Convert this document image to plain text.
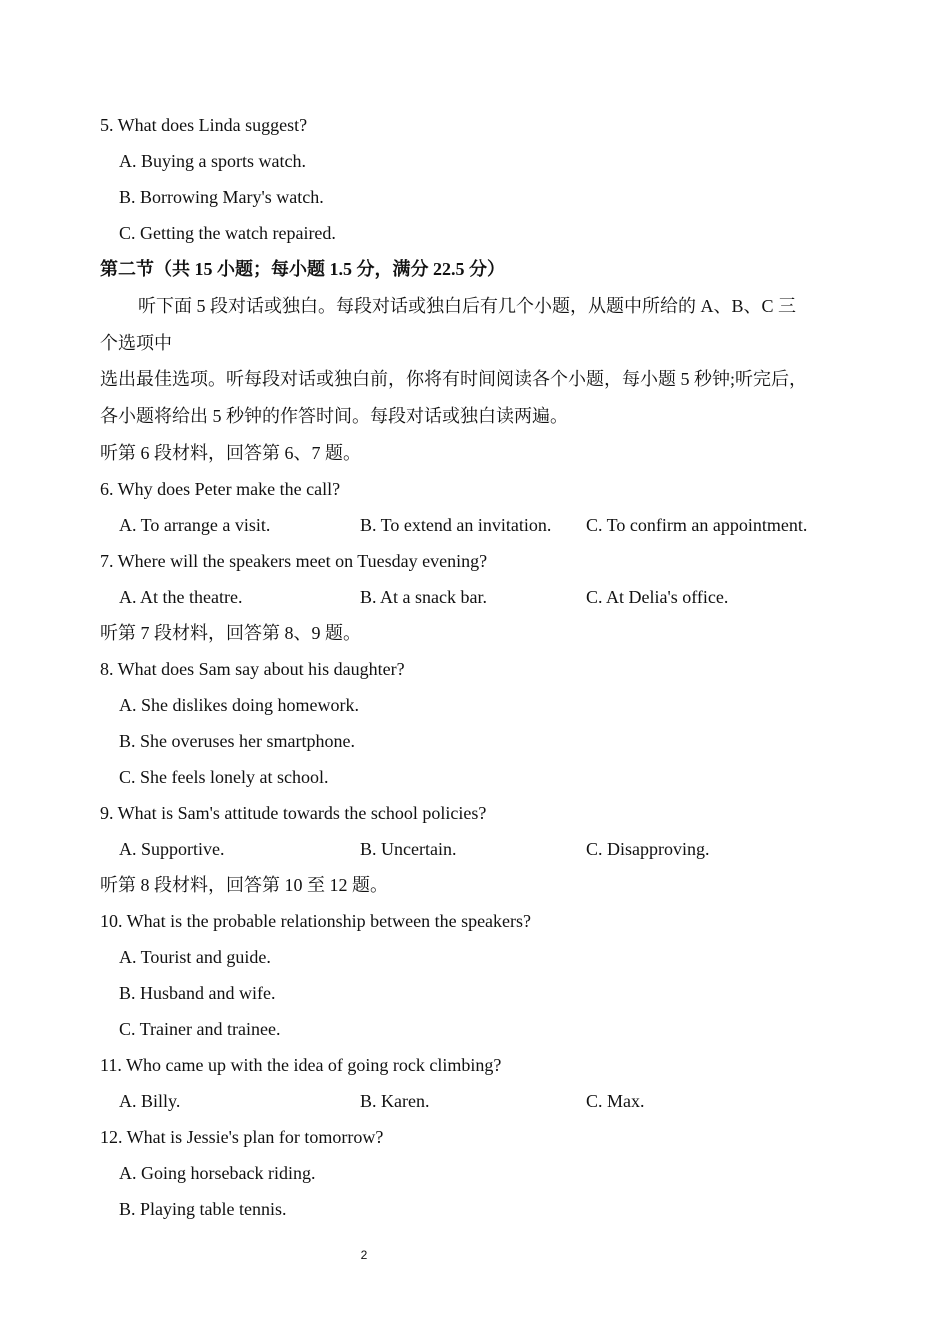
5. What does Linda suggest?
A. Buying a sports watch.
B. Borrowing Mary's watch.
C. Getting the watch repaired.
第二节（共 15 小题；每小题 1.5 分，满分 22.5 分）
听下面 5 段对话或独白。每段对话或独白后有几个小题，从题中所给的 A、B、C 三
个选项中
选出最佳选项。听每段对话或独白前，你将有时间阅读各个小题，每小题 5 秒钟;听完后，
各小题将给出 5 秒钟的作答时间。每段对话或独白读两遍。
听第 6 段材料，回答第 6、7 题。
6. Why does Peter make the call?
A. To arrange a visit.	B. To extend an invitation. C. To confirm an appointment.
7. Where will the speakers meet on Tuesday evening?
A. At the theatre.	B. At a snack bar.	C. At Delia's office.
听第 7 段材料，回答第 8、9 题。
8. What does Sam say about his daughter?
A. She dislikes doing homework.
B. She overuses her smartphone.
C. She feels lonely at school.
9. What is Sam's attitude towards the school policies?
A. Supportive.	B. Uncertain.	C. Disapproving.
听第 8 段材料，回答第 10 至 12 题。
10. What is the probable relationship between the speakers?
A. Tourist and guide.
B. Husband and wife.
C. Trainer and trainee.
11. Who came up with the idea of going rock climbing?
A. Billy.	B. Karen.	C. Max.
12. What is Jessie's plan for tomorrow?
A. Going horseback riding.
B. Playing table tennis.
2
